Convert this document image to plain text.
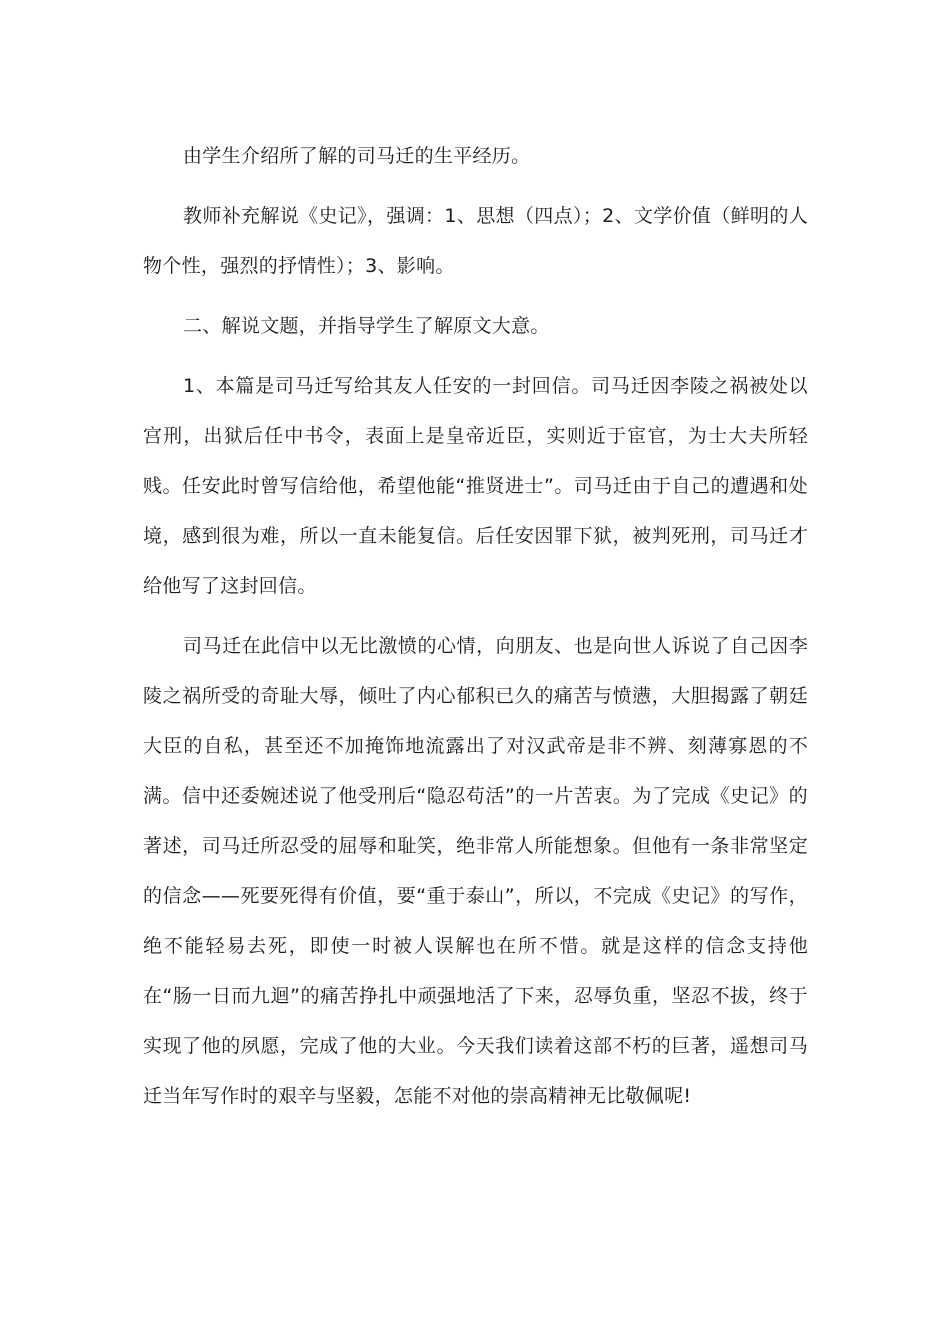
由学生介绍所了解的司马迁的生平经历。

教师补充解说《史记》，强调：1、思想（四点）；2、文学价值（鲜明的人物个性，强烈的抒情性）；3、影响。

二、解说文题，并指导学生了解原文大意。

1、本篇是司马迁写给其友人任安的一封回信。司马迁因李陵之祸被处以宫刑，出狱后任中书令，表面上是皇帝近臣，实则近于宦官，为士大夫所轻贱。任安此时曾写信给他，希望他能“推贤进士”。司马迁由于自己的遭遇和处境，感到很为难，所以一直未能复信。后任安因罪下狱，被判死刑，司马迁才给他写了这封回信。

司马迁在此信中以无比激愤的心情，向朋友、也是向世人诉说了自己因李陵之祸所受的奇耻大辱，倾吐了内心郁积已久的痛苦与愤懑，大胆揭露了朝廷大臣的自私，甚至还不加掩饰地流露出了对汉武帝是非不辨、刻薄寡恩的不满。信中还委婉述说了他受刑后“隐忍苟活”的一片苦衷。为了完成《史记》的著述，司马迁所忍受的屈辱和耻笑，绝非常人所能想象。但他有一条非常坚定的信念——死要死得有价值，要“重于泰山”，所以，不完成《史记》的写作，绝不能轻易去死，即使一时被人误解也在所不惜。就是这样的信念支持他在“肠一日而九迴”的痛苦挣扎中顽强地活了下来，忍辱负重，坚忍不拔，终于实现了他的夙愿，完成了他的大业。今天我们读着这部不朽的巨著，遥想司马迁当年写作时的艰辛与坚毅，怎能不对他的崇高精神无比敬佩呢!
